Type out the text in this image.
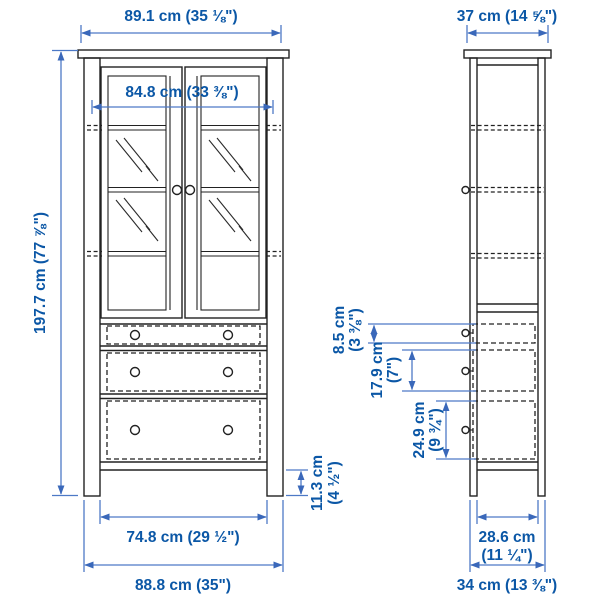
89.1 cm (35 ⅛")
84.8 cm (33 ⅜")
197.7 cm (77 ⅞")
11.3 cm (4 ½")
74.8 cm (29 ½")
88.8 cm (35")
37 cm (14 ⅝")
8.5 cm (3 ⅜")
17.9 cm (7")
24.9 cm (9 ¾")
28.6 cm
(11 ¼")
34 cm (13 ⅜")
